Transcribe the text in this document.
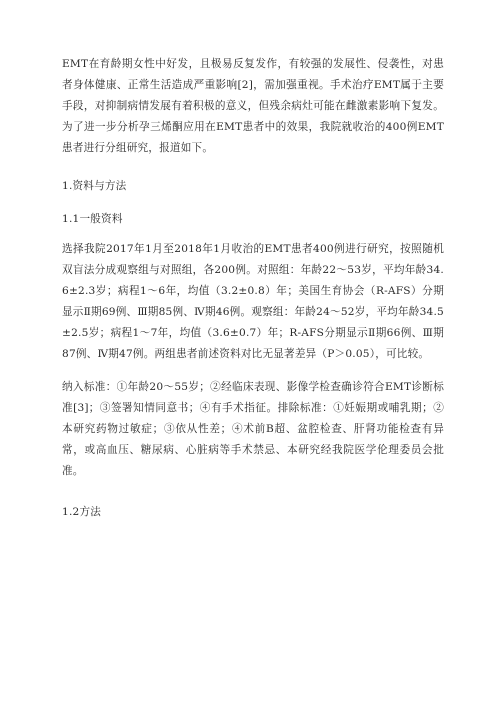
EMT在育龄期女性中好发，且极易反复发作，有较强的发展性、侵袭性，对患者身体健康、正常生活造成严重影响[2]，需加强重视。手术治疗EMT属于主要手段，对抑制病情发展有着积极的意义，但残余病灶可能在雌激素影响下复发。为了进一步分析孕三烯酮应用在EMT患者中的效果，我院就收治的400例EMT患者进行分组研究，报道如下。

1.资料与方法

1.1一般资料

选择我院2017年1月至2018年1月收治的EMT患者400例进行研究，按照随机双盲法分成观察组与对照组，各200例。对照组：年龄22～53岁，平均年龄34.6±2.3岁；病程1～6年，均值（3.2±0.8）年；美国生育协会（R-AFS）分期显示Ⅱ期69例、Ⅲ期85例、Ⅳ期46例。观察组：年龄24～52岁，平均年龄34.5±2.5岁；病程1～7年，均值（3.6±0.7）年；R-AFS分期显示Ⅱ期66例、Ⅲ期87例、Ⅳ期47例。两组患者前述资料对比无显著差异（P＞0.05），可比较。

纳入标准：①年龄20～55岁；②经临床表现、影像学检查确诊符合EMT诊断标准[3]；③签署知情同意书；④有手术指征。排除标准：①妊娠期或哺乳期；②本研究药物过敏症；③依从性差；④术前B超、盆腔检查、肝肾功能检查有异常，或高血压、糖尿病、心脏病等手术禁忌、本研究经我院医学伦理委员会批准。

1.2方法
